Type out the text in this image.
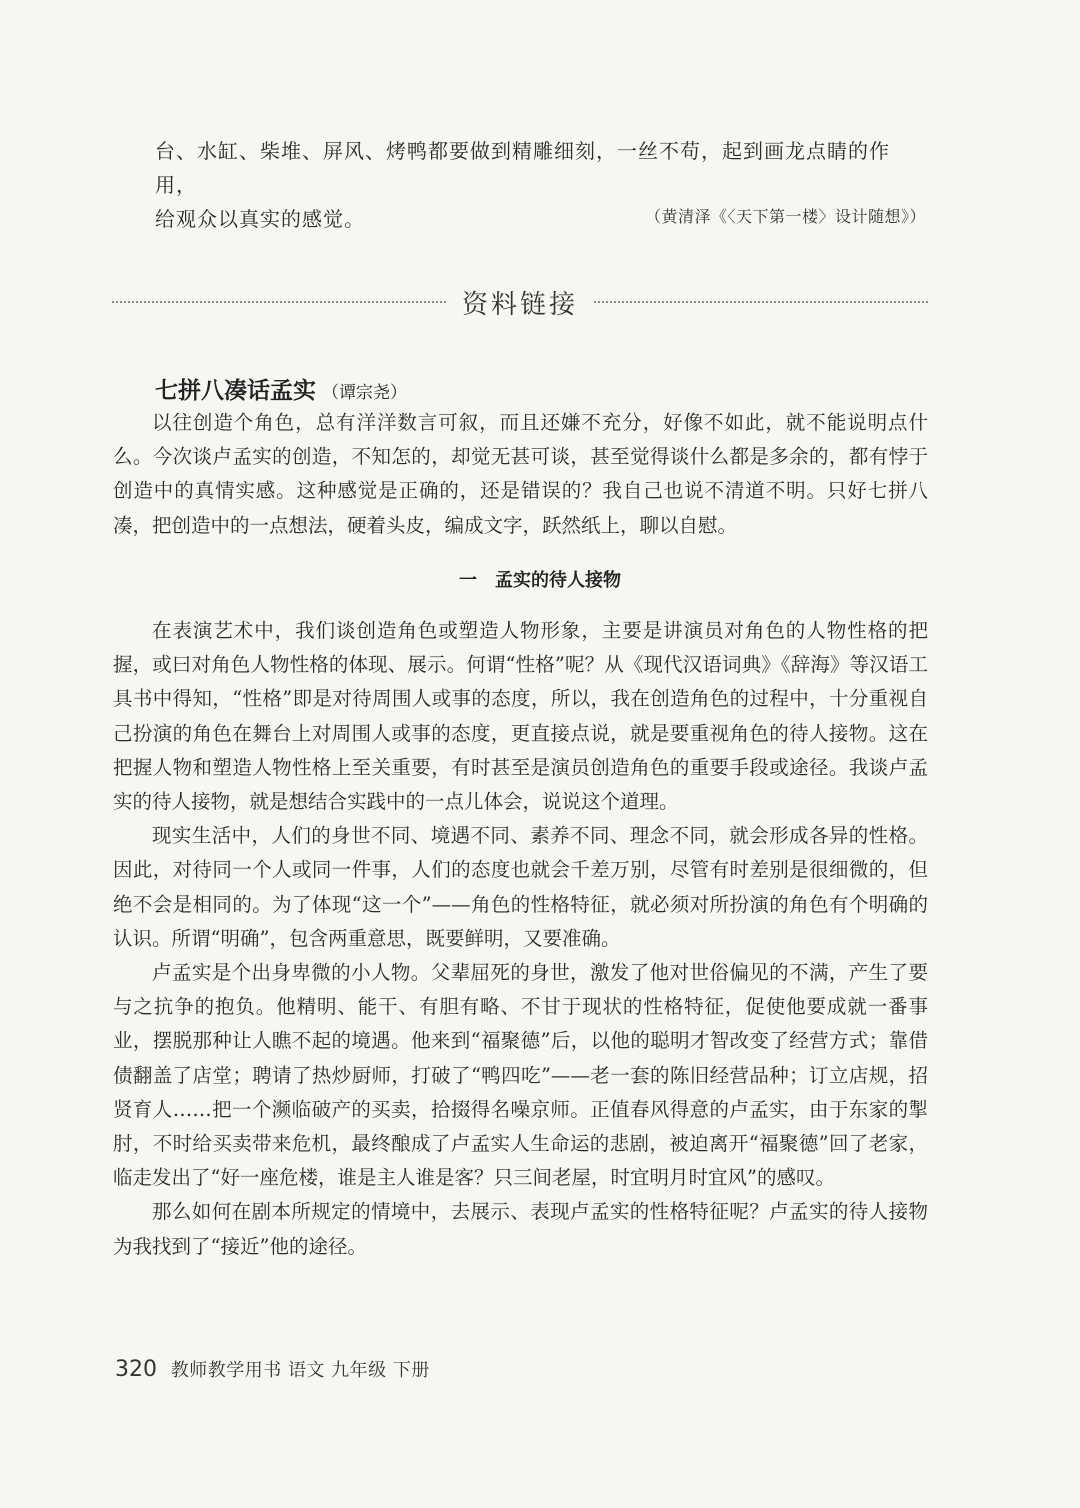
台、水缸、柴堆、屏风、烤鸭都要做到精雕细刻，一丝不苟，起到画龙点睛的作用，

给观众以真实的感觉。	（黄清泽《〈天下第一楼〉设计随想》）
资料链接
七拼八凑话孟实 （谭宗尧）

以往创造个角色，总有洋洋数言可叙，而且还嫌不充分，好像不如此，就不能说明点什么。今次谈卢孟实的创造，不知怎的，却觉无甚可谈，甚至觉得谈什么都是多余的，都有悖于创造中的真情实感。这种感觉是正确的，还是错误的？我自己也说不清道不明。只好七拼八凑，把创造中的一点想法，硬着头皮，编成文字，跃然纸上，聊以自慰。

一　孟实的待人接物

在表演艺术中，我们谈创造角色或塑造人物形象，主要是讲演员对角色的人物性格的把握，或曰对角色人物性格的体现、展示。何谓“性格”呢？从《现代汉语词典》《辞海》等汉语工具书中得知，“性格”即是对待周围人或事的态度，所以，我在创造角色的过程中，十分重视自己扮演的角色在舞台上对周围人或事的态度，更直接点说，就是要重视角色的待人接物。这在把握人物和塑造人物性格上至关重要，有时甚至是演员创造角色的重要手段或途径。我谈卢孟实的待人接物，就是想结合实践中的一点儿体会，说说这个道理。

现实生活中，人们的身世不同、境遇不同、素养不同、理念不同，就会形成各异的性格。因此，对待同一个人或同一件事，人们的态度也就会千差万别，尽管有时差别是很细微的，但绝不会是相同的。为了体现“这一个”——角色的性格特征，就必须对所扮演的角色有个明确的认识。所谓“明确”，包含两重意思，既要鲜明，又要准确。

卢孟实是个出身卑微的小人物。父辈屈死的身世，激发了他对世俗偏见的不满，产生了要与之抗争的抱负。他精明、能干、有胆有略、不甘于现状的性格特征，促使他要成就一番事业，摆脱那种让人瞧不起的境遇。他来到“福聚德”后，以他的聪明才智改变了经营方式；靠借债翻盖了店堂；聘请了热炒厨师，打破了“鸭四吃”——老一套的陈旧经营品种；订立店规，招贤育人……把一个濒临破产的买卖，拾掇得名噪京师。正值春风得意的卢孟实，由于东家的掣肘，不时给买卖带来危机，最终酿成了卢孟实人生命运的悲剧，被迫离开“福聚德”回了老家，临走发出了“好一座危楼，谁是主人谁是客？只三间老屋，时宜明月时宜风”的感叹。

那么如何在剧本所规定的情境中，去展示、表现卢孟实的性格特征呢？卢孟实的待人接物为我找到了“接近”他的途径。

320 教师教学用书 语文 九年级 下册
